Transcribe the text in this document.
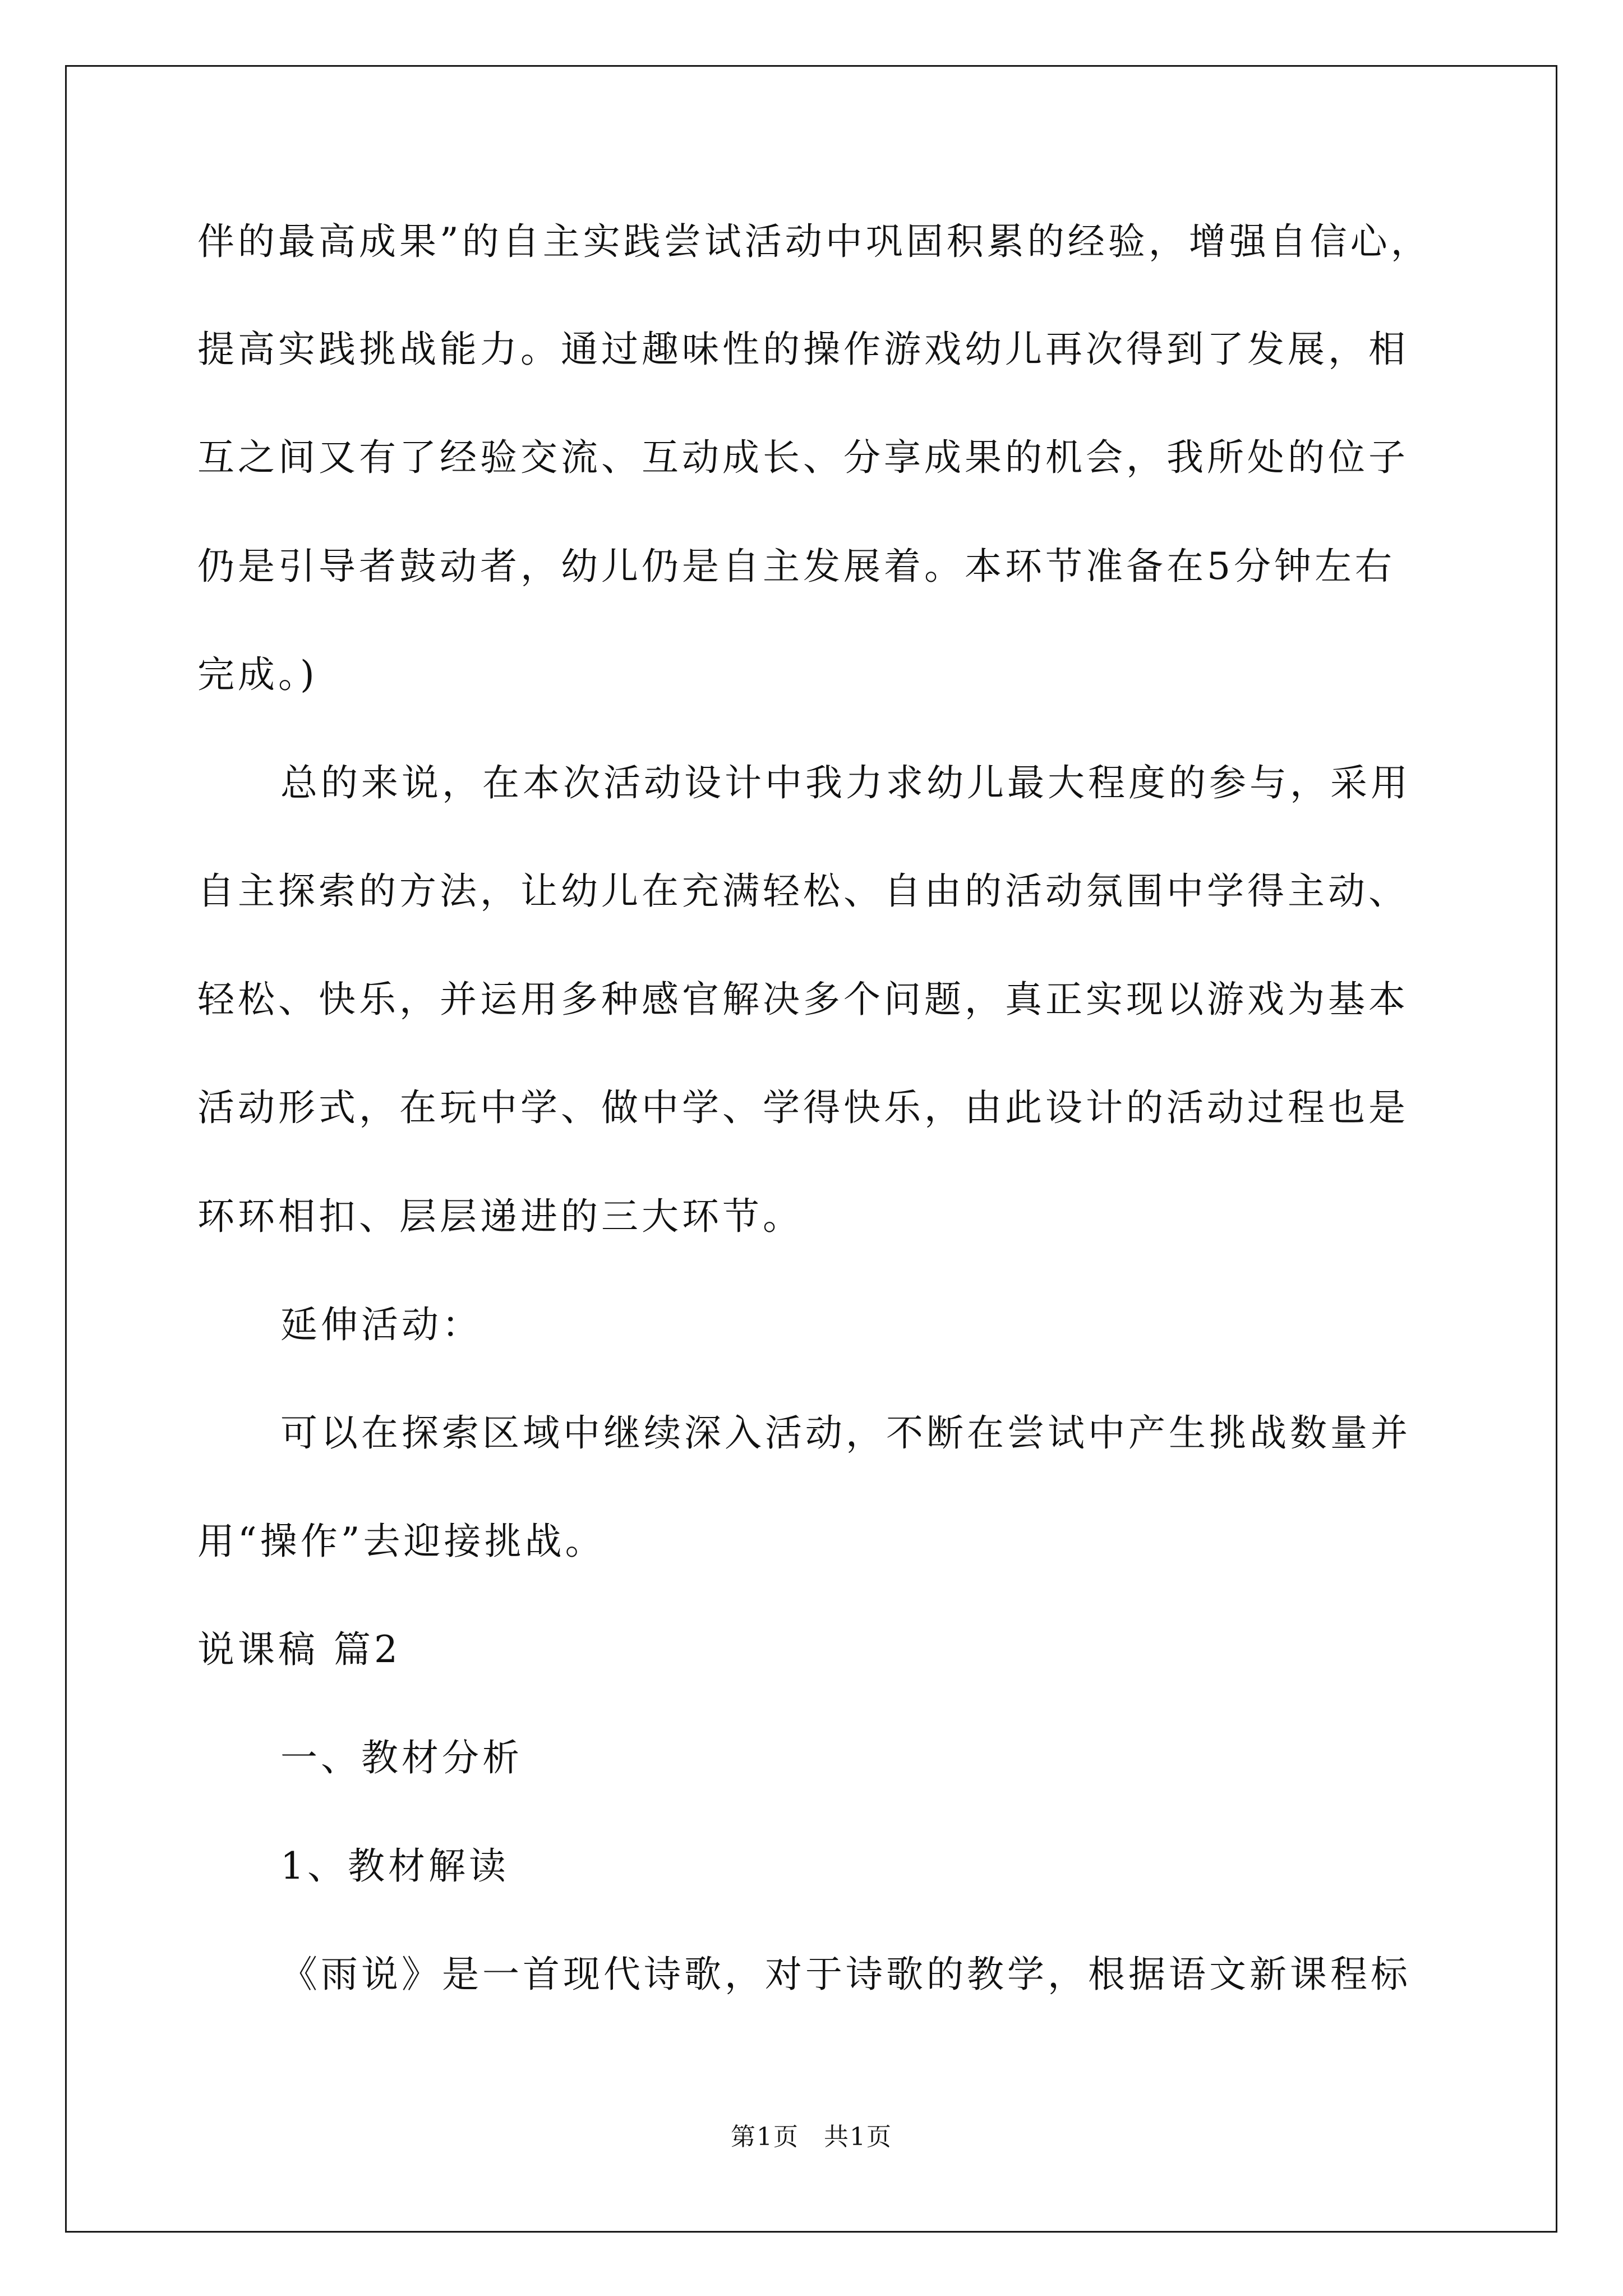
伴的最高成果”的自主实践尝试活动中巩固积累的经验，增强自信心，
提高实践挑战能力。通过趣味性的操作游戏幼儿再次得到了发展，相
互之间又有了经验交流、互动成长、分享成果的机会，我所处的位子
仍是引导者鼓动者，幼儿仍是自主发展着。本环节准备在5分钟左右
完成。)
总的来说，在本次活动设计中我力求幼儿最大程度的参与，采用
自主探索的方法，让幼儿在充满轻松、自由的活动氛围中学得主动、
轻松、快乐，并运用多种感官解决多个问题，真正实现以游戏为基本
活动形式，在玩中学、做中学、学得快乐，由此设计的活动过程也是
环环相扣、层层递进的三大环节。
延伸活动：
可以在探索区域中继续深入活动，不断在尝试中产生挑战数量并
用“操作”去迎接挑战。
说课稿 篇2
一、教材分析
1、教材解读
《雨说》是一首现代诗歌，对于诗歌的教学，根据语文新课程标
第1页 共1页
